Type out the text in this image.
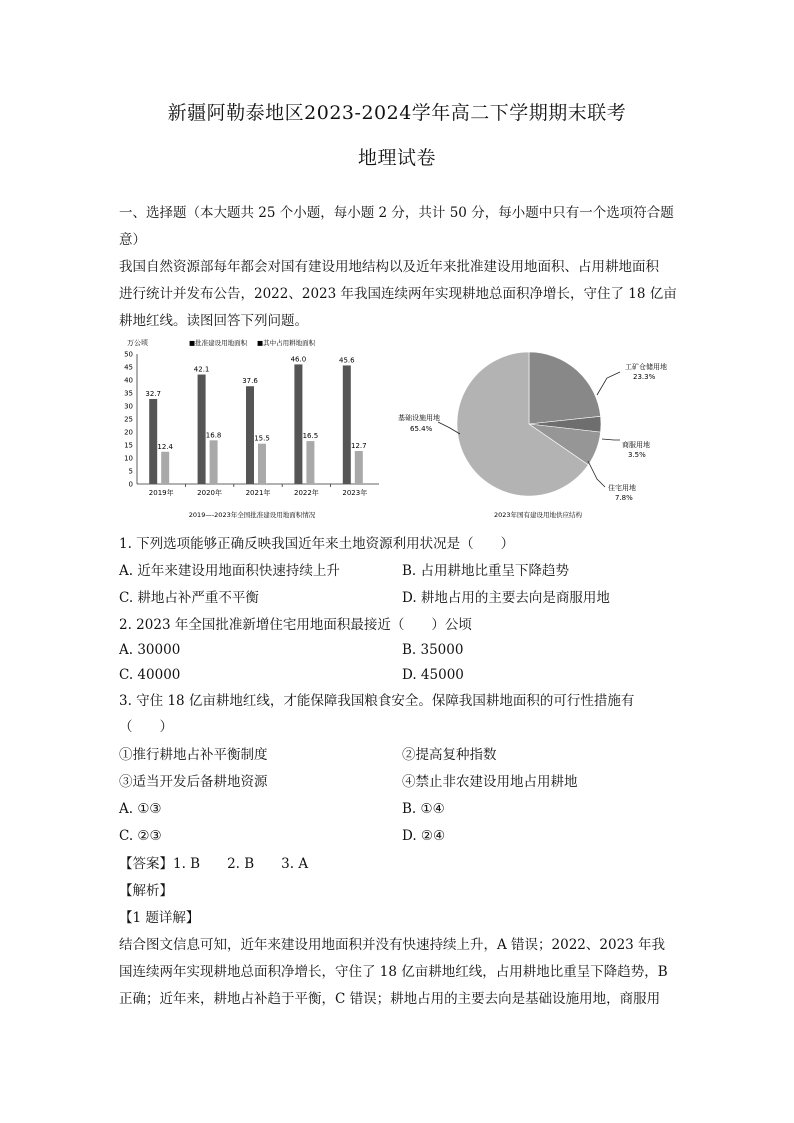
新疆阿勒泰地区2023-2024学年高二下学期期末联考
地理试卷
一、选择题（本大题共 25 个小题，每小题 2 分，共计 50 分，每小题中只有一个选项符合题
意）
我国自然资源部每年都会对国有建设用地结构以及近年来批准建设用地面积、占用耕地面积
进行统计并发布公告，2022、2023 年我国连续两年实现耕地总面积净增长，守住了 18 亿亩
耕地红线。读图回答下列问题。
万公顷	■批准建设用地面积 ■其中占用耕地面积
0
5
10
15
20
25
30
35
40
45
50
2019年	2020年	2021年	2022年	2023年
32.7
12.4
42.1
16.8
37.6
15.5
46.0
16.5
45.6
12.7
2019—-2023年全国批准建设用地面积情况
工矿仓储用地
23.3%
商服用地
3.5%
住宅用地
7.8%
基础设施用地
65.4%
2023年国有建设用地供应结构
1. 下列选项能够正确反映我国近年来土地资源利用状况是（　　）
A. 近年来建设用地面积快速持续上升	B. 占用耕地比重呈下降趋势
C. 耕地占补严重不平衡	D. 耕地占用的主要去向是商服用地
2. 2023 年全国批准新增住宅用地面积最接近（　　）公顷
A. 30000	B. 35000
C. 40000	D. 45000
3. 守住 18 亿亩耕地红线，才能保障我国粮食安全。保障我国耕地面积的可行性措施有
（　　）
①推行耕地占补平衡制度	②提高复种指数
③适当开发后备耕地资源	④禁止非农建设用地占用耕地
A. ①③	B. ①④
C. ②③	D. ②④
【答案】1. B　　2. B　　3. A
【解析】
【1 题详解】
结合图文信息可知，近年来建设用地面积并没有快速持续上升，A 错误；2022、2023 年我
国连续两年实现耕地总面积净增长，守住了 18 亿亩耕地红线，占用耕地比重呈下降趋势，B
正确；近年来，耕地占补趋于平衡，C 错误；耕地占用的主要去向是基础设施用地，商服用
